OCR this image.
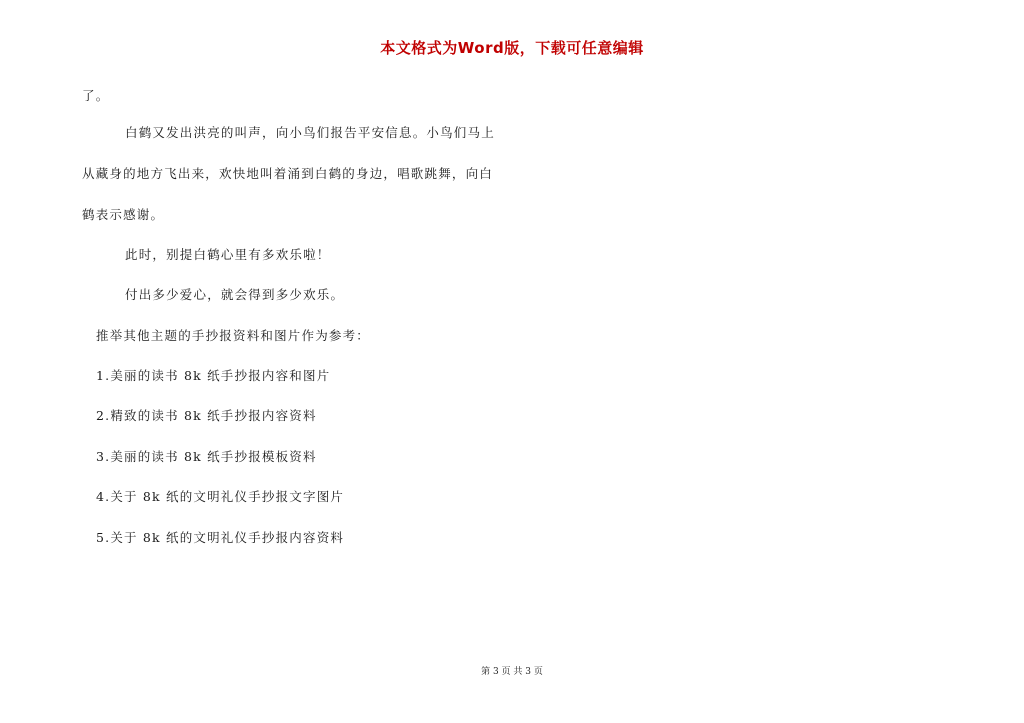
本文格式为Word版，下载可任意编辑
了。
白鹤又发出洪亮的叫声，向小鸟们报告平安信息。小鸟们马上
从藏身的地方飞出来，欢快地叫着涌到白鹤的身边，唱歌跳舞，向白
鹤表示感谢。
此时，别提白鹤心里有多欢乐啦！
付出多少爱心，就会得到多少欢乐。
推举其他主题的手抄报资料和图片作为参考：
1.美丽的读书 8k 纸手抄报内容和图片
2.精致的读书 8k 纸手抄报内容资料
3.美丽的读书 8k 纸手抄报模板资料
4.关于 8k 纸的文明礼仪手抄报文字图片
5.关于 8k 纸的文明礼仪手抄报内容资料
第 3 页 共 3 页
